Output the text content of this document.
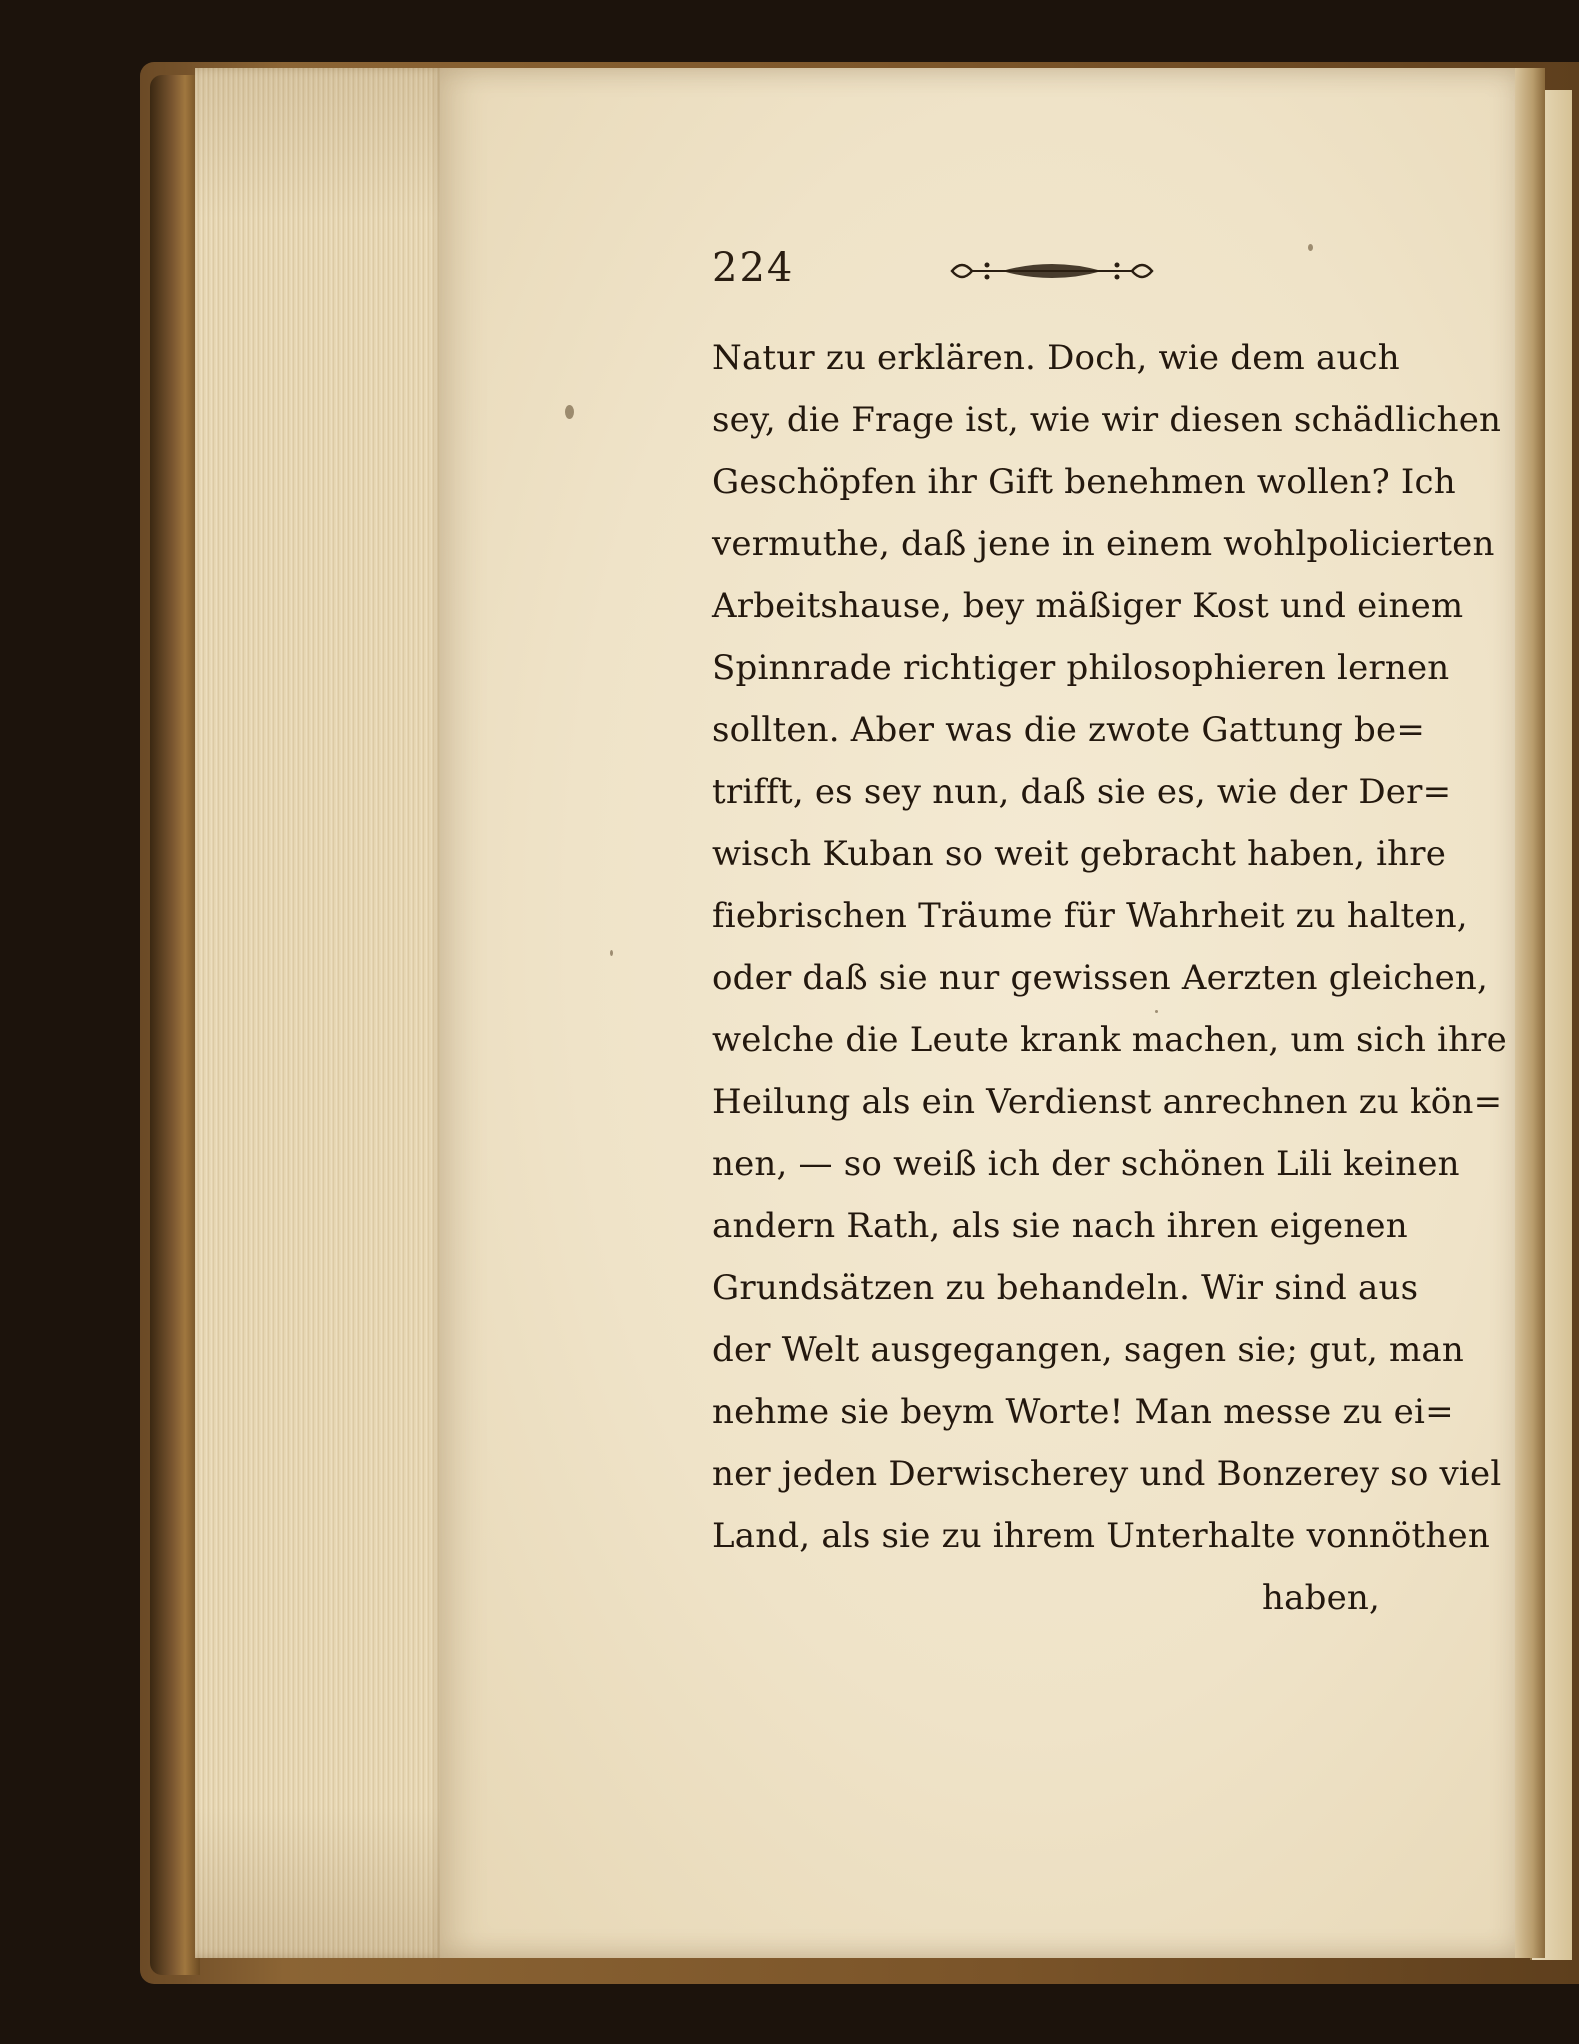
224
Natur zu erklären. Doch, wie dem auch
sey, die Frage ist, wie wir diesen schädlichen
Geschöpfen ihr Gift benehmen wollen? Ich
vermuthe, daß jene in einem wohlpolicierten
Arbeitshause, bey mäßiger Kost und einem
Spinnrade richtiger philosophieren lernen
sollten. Aber was die zwote Gattung be=
trifft, es sey nun, daß sie es, wie der Der=
wisch Kuban so weit gebracht haben, ihre
fiebrischen Träume für Wahrheit zu halten,
oder daß sie nur gewissen Aerzten gleichen,
welche die Leute krank machen, um sich ihre
Heilung als ein Verdienst anrechnen zu kön=
nen, — so weiß ich der schönen Lili keinen
andern Rath, als sie nach ihren eigenen
Grundsätzen zu behandeln. Wir sind aus
der Welt ausgegangen, sagen sie; gut, man
nehme sie beym Worte! Man messe zu ei=
ner jeden Derwischerey und Bonzerey so viel
Land, als sie zu ihrem Unterhalte vonnöthen
haben,
